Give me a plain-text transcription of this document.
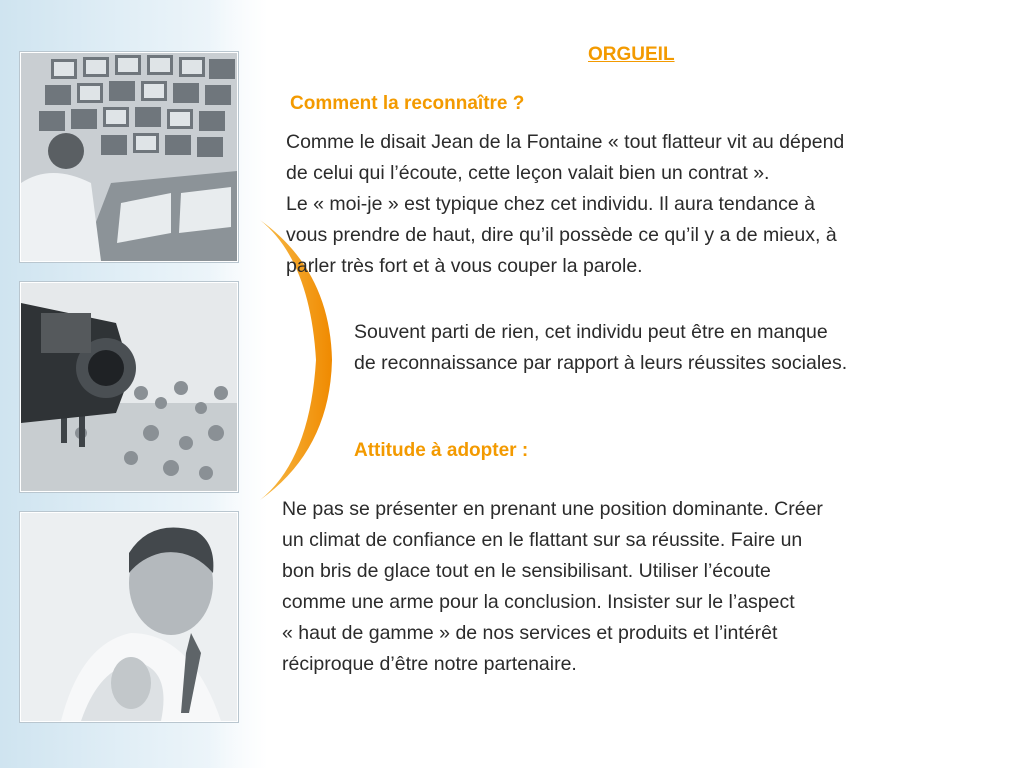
ORGUEIL

Comment la reconnaître ?

Comme le disait Jean de la Fontaine « tout flatteur vit au dépend
de celui qui l’écoute, cette leçon valait bien un contrat ».
Le « moi-je » est typique chez cet individu. Il aura tendance à
vous prendre de haut, dire qu’il possède ce qu’il y a de mieux, à
parler très fort et à vous couper la parole.

Souvent parti de rien, cet individu peut être en manque
de reconnaissance par rapport à leurs réussites sociales.

Attitude à adopter :

Ne pas se présenter en prenant une position dominante. Créer
un climat de confiance en le flattant sur sa réussite. Faire un
bon bris de glace tout en le sensibilisant. Utiliser l’écoute
comme une arme pour la conclusion. Insister sur le l’aspect
« haut de gamme » de nos services et produits et l’intérêt
réciproque d’être notre partenaire.
